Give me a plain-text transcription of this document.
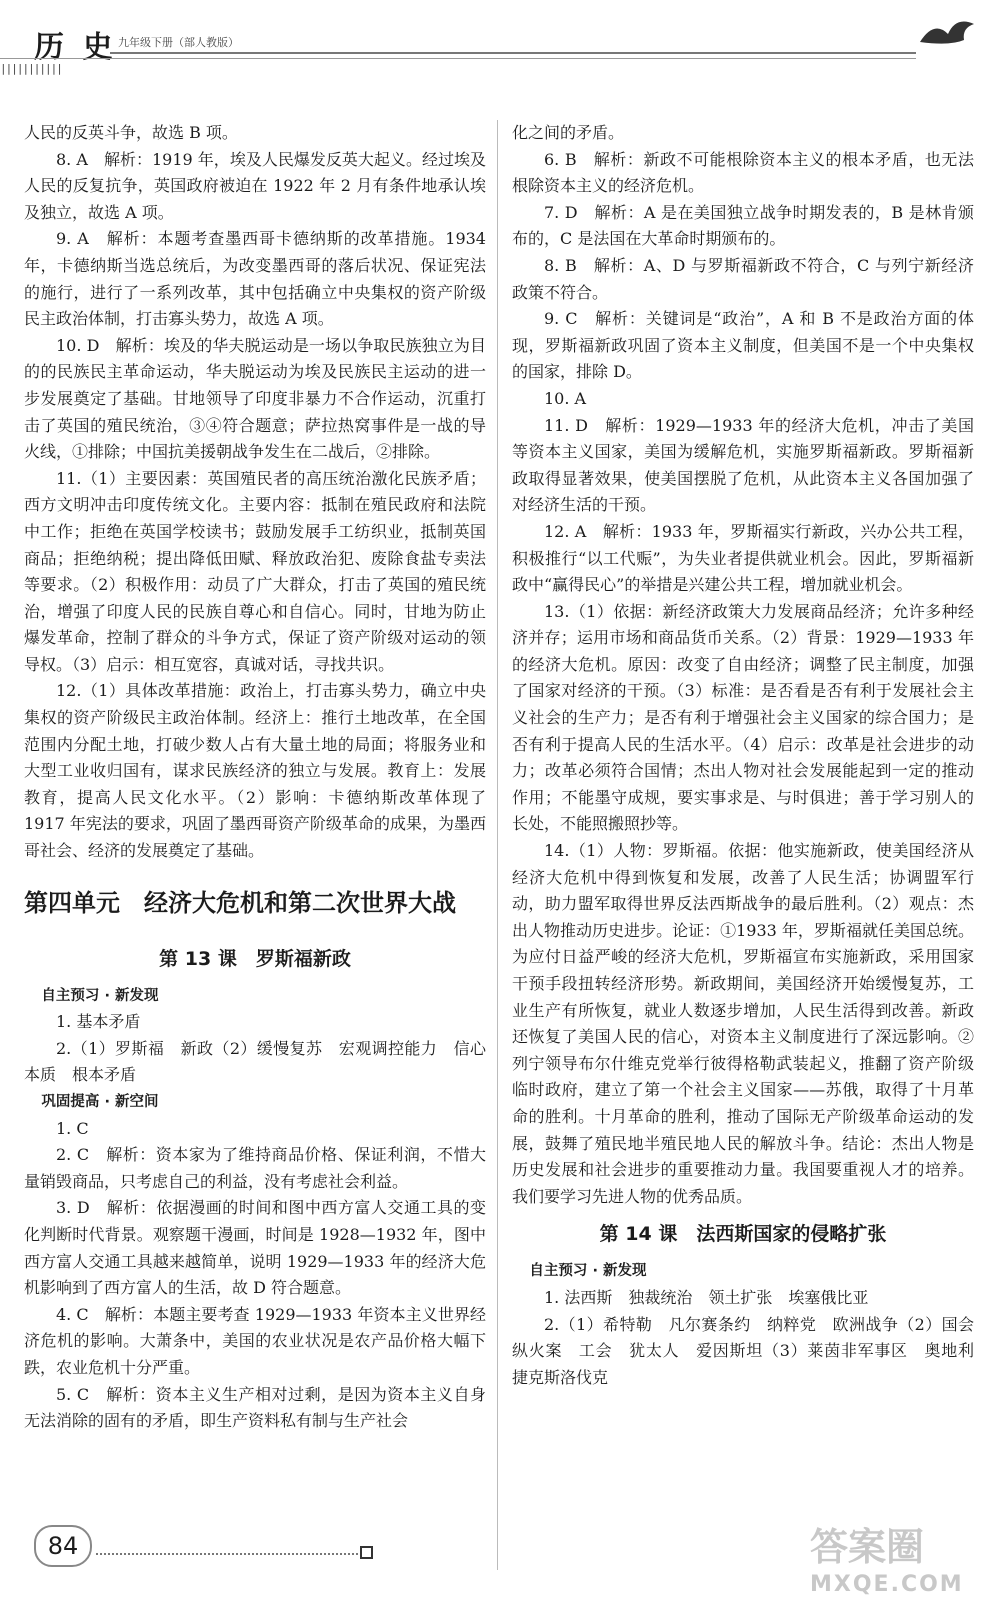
|||||||||||
历 史 九年级下册（部人教版）

人民的反英斗争，故选 B 项。

8. A　解析：1919 年，埃及人民爆发反英大起义。经过埃及人民的反复抗争，英国政府被迫在 1922 年 2 月有条件地承认埃及独立，故选 A 项。

9. A　解析：本题考查墨西哥卡德纳斯的改革措施。1934 年，卡德纳斯当选总统后，为改变墨西哥的落后状况、保证宪法的施行，进行了一系列改革，其中包括确立中央集权的资产阶级民主政治体制，打击寡头势力，故选 A 项。

10. D　解析：埃及的华夫脱运动是一场以争取民族独立为目的的民族民主革命运动，华夫脱运动为埃及民族民主运动的进一步发展奠定了基础。甘地领导了印度非暴力不合作运动，沉重打击了英国的殖民统治，③④符合题意；萨拉热窝事件是一战的导火线，①排除；中国抗美援朝战争发生在二战后，②排除。

11.（1）主要因素：英国殖民者的高压统治激化民族矛盾；西方文明冲击印度传统文化。主要内容：抵制在殖民政府和法院中工作；拒绝在英国学校读书；鼓励发展手工纺织业，抵制英国商品；拒绝纳税；提出降低田赋、释放政治犯、废除食盐专卖法等要求。（2）积极作用：动员了广大群众，打击了英国的殖民统治，增强了印度人民的民族自尊心和自信心。同时，甘地为防止爆发革命，控制了群众的斗争方式，保证了资产阶级对运动的领导权。（3）启示：相互宽容，真诚对话，寻找共识。

12.（1）具体改革措施：政治上，打击寡头势力，确立中央集权的资产阶级民主政治体制。经济上：推行土地改革，在全国范围内分配土地，打破少数人占有大量土地的局面；将服务业和大型工业收归国有，谋求民族经济的独立与发展。教育上：发展教育，提高人民文化水平。（2）影响：卡德纳斯改革体现了 1917 年宪法的要求，巩固了墨西哥资产阶级革命的成果，为墨西哥社会、经济的发展奠定了基础。

第四单元　经济大危机和第二次世界大战
第 13 课　罗斯福新政
自主预习 · 新发现

1. 基本矛盾

2.（1）罗斯福　新政（2）缓慢复苏　宏观调控能力　信心　本质　根本矛盾

巩固提高 · 新空间

1. C

2. C　解析：资本家为了维持商品价格、保证利润，不惜大量销毁商品，只考虑自己的利益，没有考虑社会利益。

3. D　解析：依据漫画的时间和图中西方富人交通工具的变化判断时代背景。观察题干漫画，时间是 1928—1932 年，图中西方富人交通工具越来越简单，说明 1929—1933 年的经济大危机影响到了西方富人的生活，故 D 符合题意。

4. C　解析：本题主要考查 1929—1933 年资本主义世界经济危机的影响。大萧条中，美国的农业状况是农产品价格大幅下跌，农业危机十分严重。

5. C　解析：资本主义生产相对过剩，是因为资本主义自身无法消除的固有的矛盾，即生产资料私有制与生产社会

化之间的矛盾。

6. B　解析：新政不可能根除资本主义的根本矛盾，也无法根除资本主义的经济危机。

7. D　解析：A 是在美国独立战争时期发表的，B 是林肯颁布的，C 是法国在大革命时期颁布的。

8. B　解析：A、D 与罗斯福新政不符合，C 与列宁新经济政策不符合。

9. C　解析：关键词是“政治”，A 和 B 不是政治方面的体现，罗斯福新政巩固了资本主义制度，但美国不是一个中央集权的国家，排除 D。

10. A

11. D　解析：1929—1933 年的经济大危机，冲击了美国等资本主义国家，美国为缓解危机，实施罗斯福新政。罗斯福新政取得显著效果，使美国摆脱了危机，从此资本主义各国加强了对经济生活的干预。

12. A　解析：1933 年，罗斯福实行新政，兴办公共工程，积极推行“以工代赈”，为失业者提供就业机会。因此，罗斯福新政中“赢得民心”的举措是兴建公共工程，增加就业机会。

13.（1）依据：新经济政策大力发展商品经济；允许多种经济并存；运用市场和商品货币关系。（2）背景：1929—1933 年的经济大危机。原因：改变了自由经济；调整了民主制度，加强了国家对经济的干预。（3）标准：是否看是否有利于发展社会主义社会的生产力；是否有利于增强社会主义国家的综合国力；是否有利于提高人民的生活水平。（4）启示：改革是社会进步的动力；改革必须符合国情；杰出人物对社会发展能起到一定的推动作用；不能墨守成规，要实事求是、与时俱进；善于学习别人的长处，不能照搬照抄等。

14.（1）人物：罗斯福。依据：他实施新政，使美国经济从经济大危机中得到恢复和发展，改善了人民生活；协调盟军行动，助力盟军取得世界反法西斯战争的最后胜利。（2）观点：杰出人物推动历史进步。论证：①1933 年，罗斯福就任美国总统。为应付日益严峻的经济大危机，罗斯福宣布实施新政，采用国家干预手段扭转经济形势。新政期间，美国经济开始缓慢复苏，工业生产有所恢复，就业人数逐步增加，人民生活得到改善。新政还恢复了美国人民的信心，对资本主义制度进行了深远影响。②列宁领导布尔什维克党举行彼得格勒武装起义，推翻了资产阶级临时政府，建立了第一个社会主义国家——苏俄，取得了十月革命的胜利。十月革命的胜利，推动了国际无产阶级革命运动的发展，鼓舞了殖民地半殖民地人民的解放斗争。结论：杰出人物是历史发展和社会进步的重要推动力量。我国要重视人才的培养。我们要学习先进人物的优秀品质。

第 14 课　法西斯国家的侵略扩张
自主预习 · 新发现

1. 法西斯　独裁统治　领土扩张　埃塞俄比亚

2.（1）希特勒　凡尔赛条约　纳粹党　欧洲战争（2）国会纵火案　工会　犹太人　爱因斯坦（3）莱茵非军事区　奥地利　捷克斯洛伐克

84	答案圈
MXQE.COM
